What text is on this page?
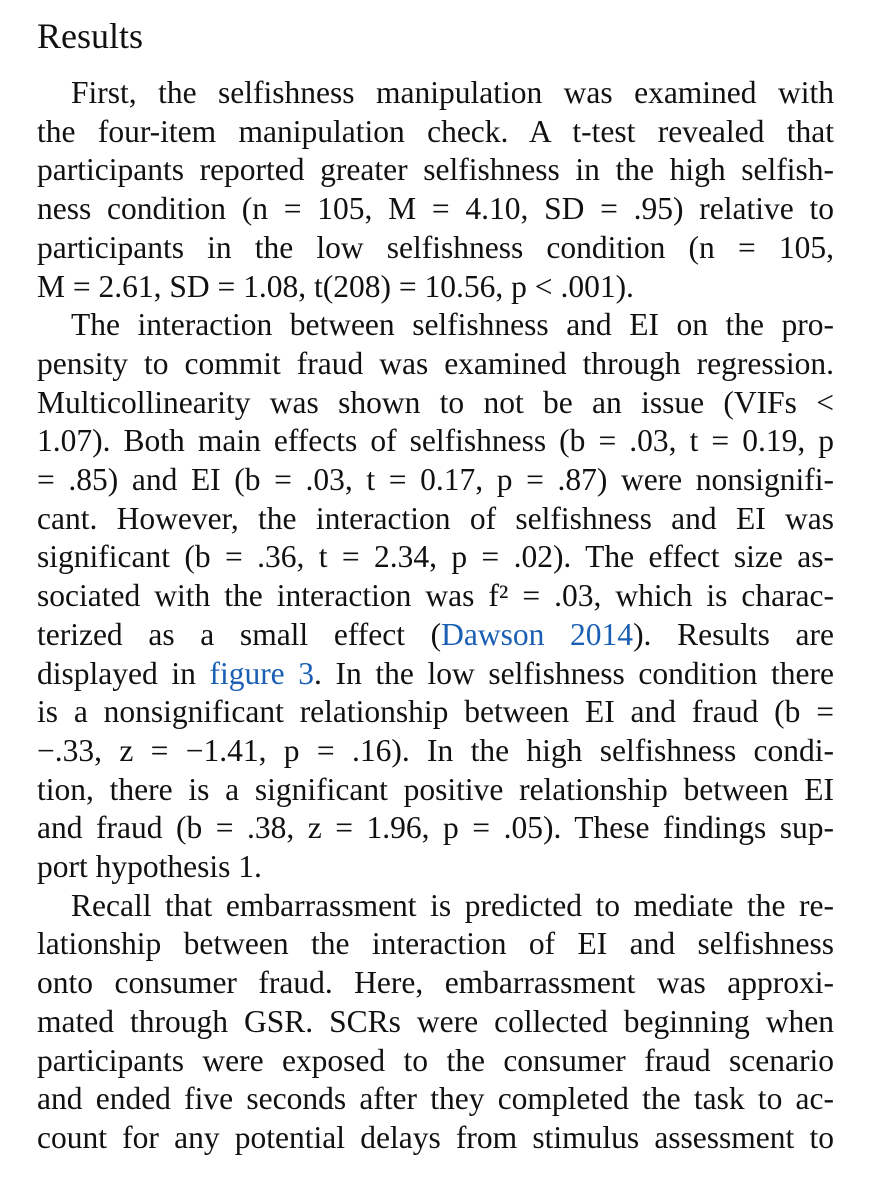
Results
First, the selfishness manipulation was examined with
the four-item manipulation check. A t-test revealed that
participants reported greater selfishness in the high selfish-
ness condition (n = 105, M = 4.10, SD = .95) relative to
participants in the low selfishness condition (n = 105,
M = 2.61, SD = 1.08, t(208) = 10.56, p < .001).
The interaction between selfishness and EI on the pro-
pensity to commit fraud was examined through regression.
Multicollinearity was shown to not be an issue (VIFs <
1.07). Both main effects of selfishness (b = .03, t = 0.19, p
= .85) and EI (b = .03, t = 0.17, p = .87) were nonsignifi-
cant. However, the interaction of selfishness and EI was
significant (b = .36, t = 2.34, p = .02). The effect size as-
sociated with the interaction was f² = .03, which is charac-
terized as a small effect (Dawson 2014). Results are
displayed in figure 3. In the low selfishness condition there
is a nonsignificant relationship between EI and fraud (b =
−.33, z = −1.41, p = .16). In the high selfishness condi-
tion, there is a significant positive relationship between EI
and fraud (b = .38, z = 1.96, p = .05). These findings sup-
port hypothesis 1.
Recall that embarrassment is predicted to mediate the re-
lationship between the interaction of EI and selfishness
onto consumer fraud. Here, embarrassment was approxi-
mated through GSR. SCRs were collected beginning when
participants were exposed to the consumer fraud scenario
and ended five seconds after they completed the task to ac-
count for any potential delays from stimulus assessment to
